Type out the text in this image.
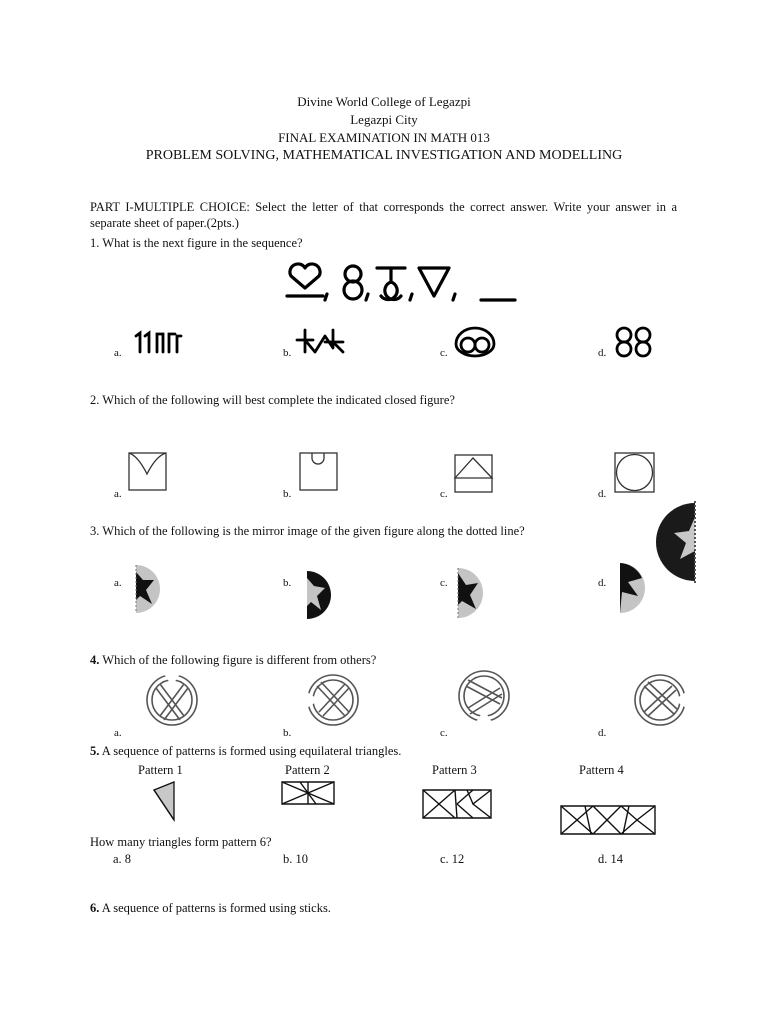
Divine World College of Legazpi
Legazpi City
FINAL EXAMINATION IN MATH 013
PROBLEM SOLVING, MATHEMATICAL INVESTIGATION AND MODELLING
PART I-MULTIPLE CHOICE: Select the letter of that corresponds the correct answer. Write your answer in a separate sheet of paper.(2pts.)
1. What is the next figure in the sequence?
a.	b.	c.	d.
2. Which of the following will best complete the indicated closed figure?
a.	b.	c.	d.
3. Which of the following is the mirror image of the given figure along the dotted line?
a.	b.	c.	d.
4. Which of the following figure is different from others?
a.	b.	c.	d.
5. A sequence of patterns is formed using equilateral triangles.
Pattern 1	Pattern 2	Pattern 3	Pattern 4
How many triangles form pattern 6?
a. 8	b. 10	c. 12	d. 14
6. A sequence of patterns is formed using sticks.
